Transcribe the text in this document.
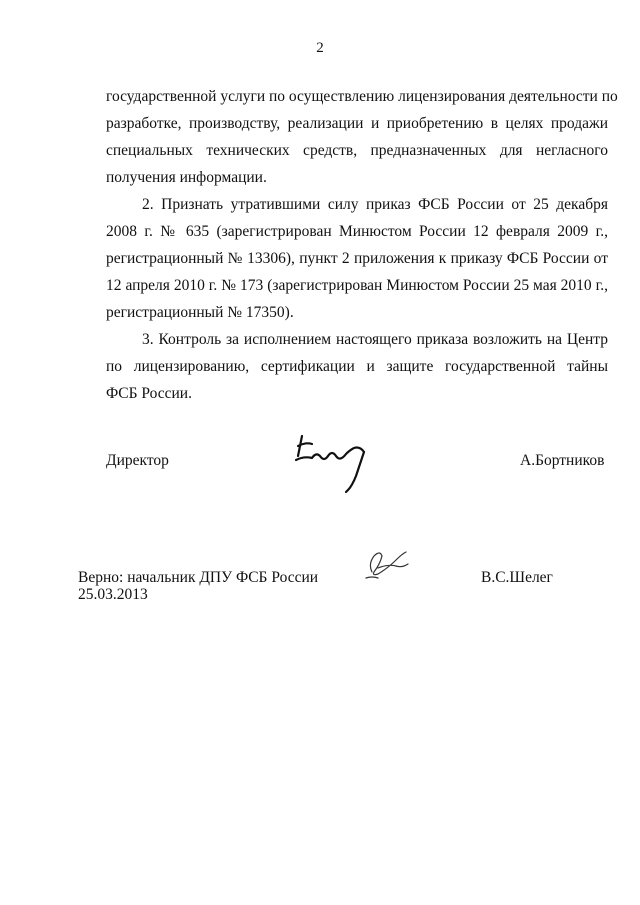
2
государственной услуги по осуществлению лицензирования деятельности по
разработке, производству, реализации и приобретению в целях продажи
специальных технических средств, предназначенных для негласного
получения информации.
2. Признать утратившими силу приказ ФСБ России от 25 декабря
2008 г. № 635 (зарегистрирован Минюстом России 12 февраля 2009 г.,
регистрационный № 13306), пункт 2 приложения к приказу ФСБ России от
12 апреля 2010 г. № 173 (зарегистрирован Минюстом России 25 мая 2010 г.,
регистрационный № 17350).
3. Контроль за исполнением настоящего приказа возложить на Центр
по лицензированию, сертификации и защите государственной тайны
ФСБ России.
Директор	А.Бортников
Верно: начальник ДПУ ФСБ России
25.03.2013
В.С.Шелег
